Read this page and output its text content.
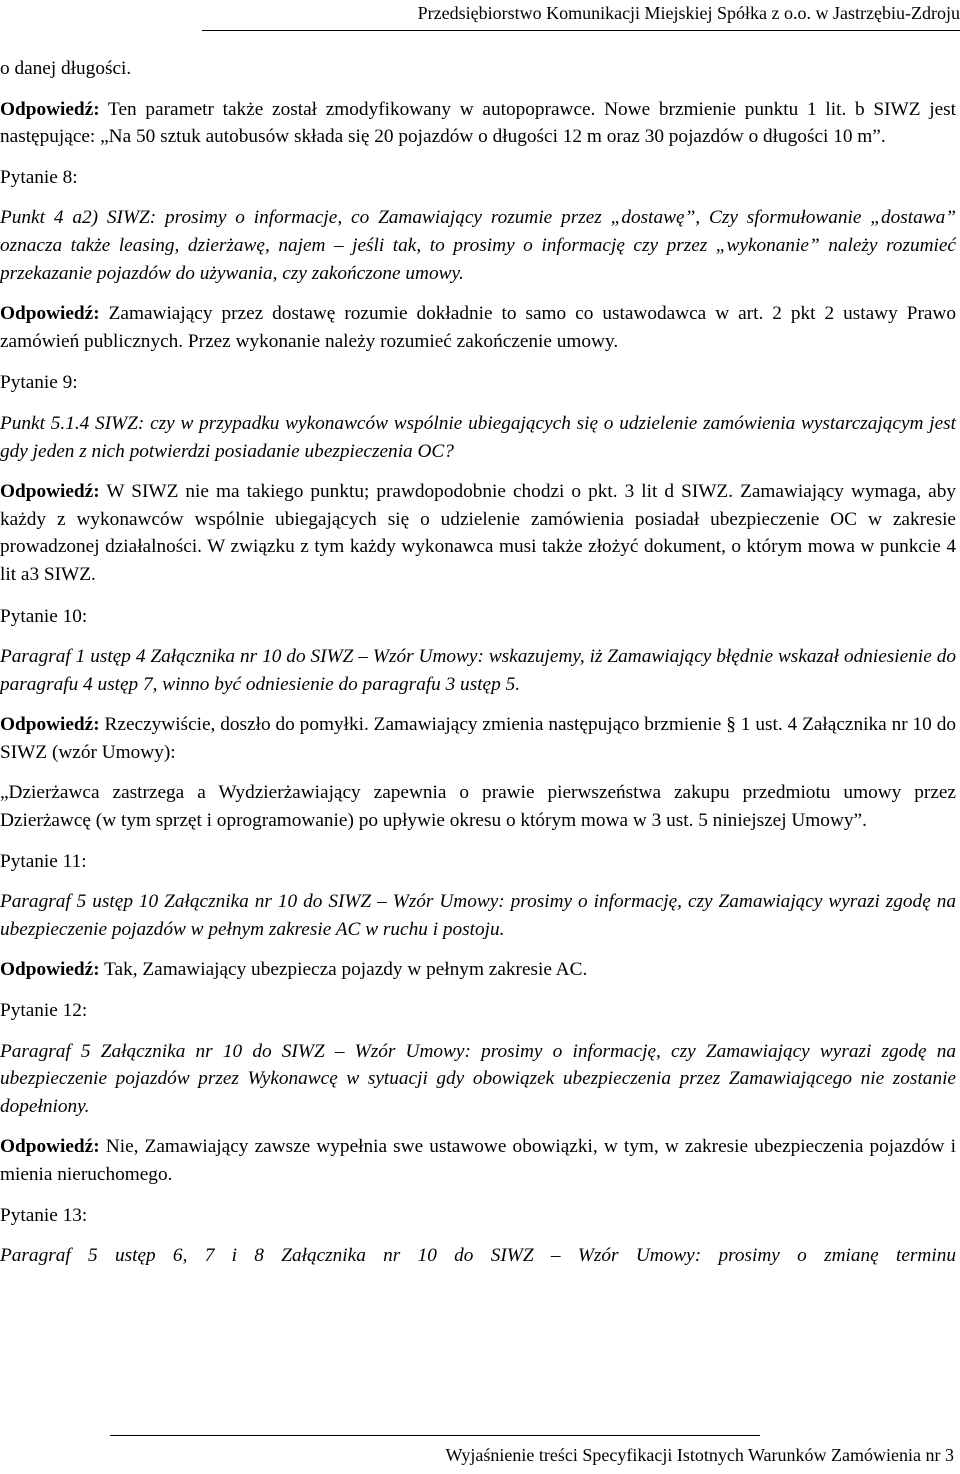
Przedsiębiorstwo Komunikacji Miejskiej Spółka z o.o. w Jastrzębiu-Zdroju

o danej długości.

Odpowiedź: Ten parametr także został zmodyfikowany w autopoprawce. Nowe brzmienie punktu 1 lit. b SIWZ jest następujące: „Na 50 sztuk autobusów składa się 20 pojazdów o długości 12 m oraz 30 pojazdów o długości 10 m”.

Pytanie 8:

Punkt 4 a2) SIWZ: prosimy o informacje, co Zamawiający rozumie przez „dostawę”, Czy sformułowanie „dostawa” oznacza także leasing, dzierżawę, najem – jeśli tak, to prosimy o informację czy przez „wykonanie” należy rozumieć przekazanie pojazdów do używania, czy zakończone umowy.

Odpowiedź: Zamawiający przez dostawę rozumie dokładnie to samo co ustawodawca w art. 2 pkt 2 ustawy Prawo zamówień publicznych. Przez wykonanie należy rozumieć zakończenie umowy.

Pytanie 9:

Punkt 5.1.4 SIWZ: czy w przypadku wykonawców wspólnie ubiegających się o udzielenie zamówienia wystarczającym jest gdy jeden z nich potwierdzi posiadanie ubezpieczenia OC?

Odpowiedź: W SIWZ nie ma takiego punktu; prawdopodobnie chodzi o pkt. 3 lit d SIWZ. Zamawiający wymaga, aby każdy z wykonawców wspólnie ubiegających się o udzielenie zamówienia posiadał ubezpieczenie OC w zakresie prowadzonej działalności. W związku z tym każdy wykonawca musi także złożyć dokument, o którym mowa w punkcie 4 lit a3 SIWZ.

Pytanie 10:

Paragraf 1 ustęp 4 Załącznika nr 10 do SIWZ – Wzór Umowy: wskazujemy, iż Zamawiający błędnie wskazał odniesienie do paragrafu 4 ustęp 7, winno być odniesienie do paragrafu 3 ustęp 5.

Odpowiedź: Rzeczywiście, doszło do pomyłki. Zamawiający zmienia następująco brzmienie § 1 ust. 4 Załącznika nr 10 do SIWZ (wzór Umowy):

„Dzierżawca zastrzega a Wydzierżawiający zapewnia o prawie pierwszeństwa zakupu przedmiotu umowy przez Dzierżawcę (w tym sprzęt i oprogramowanie) po upływie okresu o którym mowa w 3 ust. 5 niniejszej Umowy”.

Pytanie 11:

Paragraf 5 ustęp 10 Załącznika nr 10 do SIWZ – Wzór Umowy: prosimy o informację, czy Zamawiający wyrazi zgodę na ubezpieczenie pojazdów w pełnym zakresie AC w ruchu i postoju.

Odpowiedź: Tak, Zamawiający ubezpiecza pojazdy w pełnym zakresie AC.

Pytanie 12:

Paragraf 5 Załącznika nr 10 do SIWZ – Wzór Umowy: prosimy o informację, czy Zamawiający wyrazi zgodę na ubezpieczenie pojazdów przez Wykonawcę w sytuacji gdy obowiązek ubezpieczenia przez Zamawiającego nie zostanie dopełniony.

Odpowiedź: Nie, Zamawiający zawsze wypełnia swe ustawowe obowiązki, w tym, w zakresie ubezpieczenia pojazdów i mienia nieruchomego.

Pytanie 13:

Paragraf 5 ustęp 6, 7 i 8 Załącznika nr 10 do SIWZ – Wzór Umowy: prosimy o zmianę terminu

Wyjaśnienie treści Specyfikacji Istotnych Warunków Zamówienia nr 3
